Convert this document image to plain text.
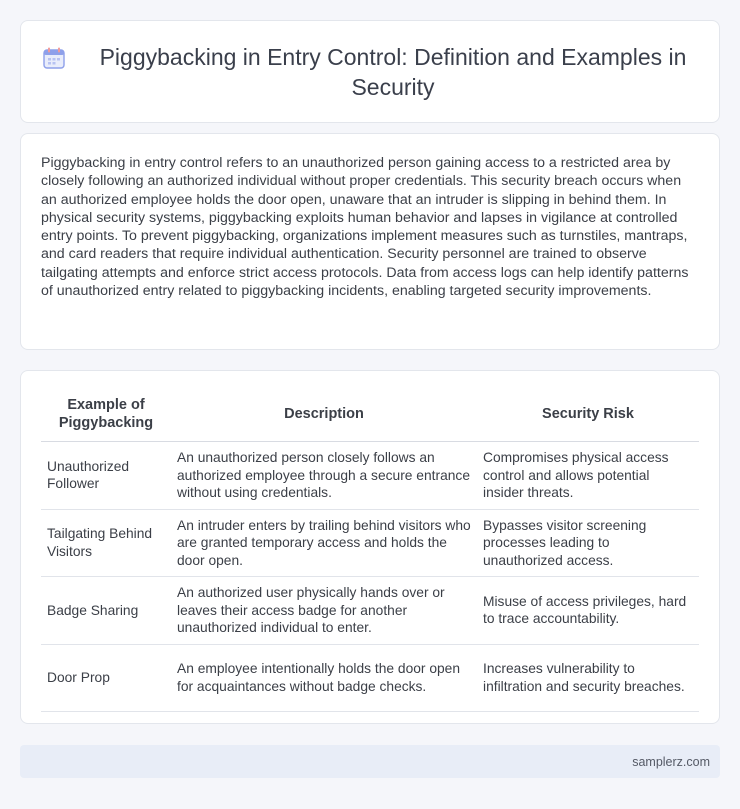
Piggybacking in Entry Control: Definition and Examples in Security

Piggybacking in entry control refers to an unauthorized person gaining access to a restricted area by closely following an authorized individual without proper credentials. This security breach occurs when an authorized employee holds the door open, unaware that an intruder is slipping in behind them. In physical security systems, piggybacking exploits human behavior and lapses in vigilance at controlled entry points. To prevent piggybacking, organizations implement measures such as turnstiles, mantraps, and card readers that require individual authentication. Security personnel are trained to observe tailgating attempts and enforce strict access protocols. Data from access logs can help identify patterns of unauthorized entry related to piggybacking incidents, enabling targeted security improvements.

Example of Piggybacking	Description	Security Risk
Unauthorized Follower	An unauthorized person closely follows an authorized employee through a secure entrance without using credentials.	Compromises physical access control and allows potential insider threats.
Tailgating Behind Visitors	An intruder enters by trailing behind visitors who are granted temporary access and holds the door open.	Bypasses visitor screening processes leading to unauthorized access.
Badge Sharing	An authorized user physically hands over or leaves their access badge for another unauthorized individual to enter.	Misuse of access privileges, hard to trace accountability.
Door Prop	An employee intentionally holds the door open for acquaintances without badge checks.	Increases vulnerability to infiltration and security breaches.
samplerz.com
